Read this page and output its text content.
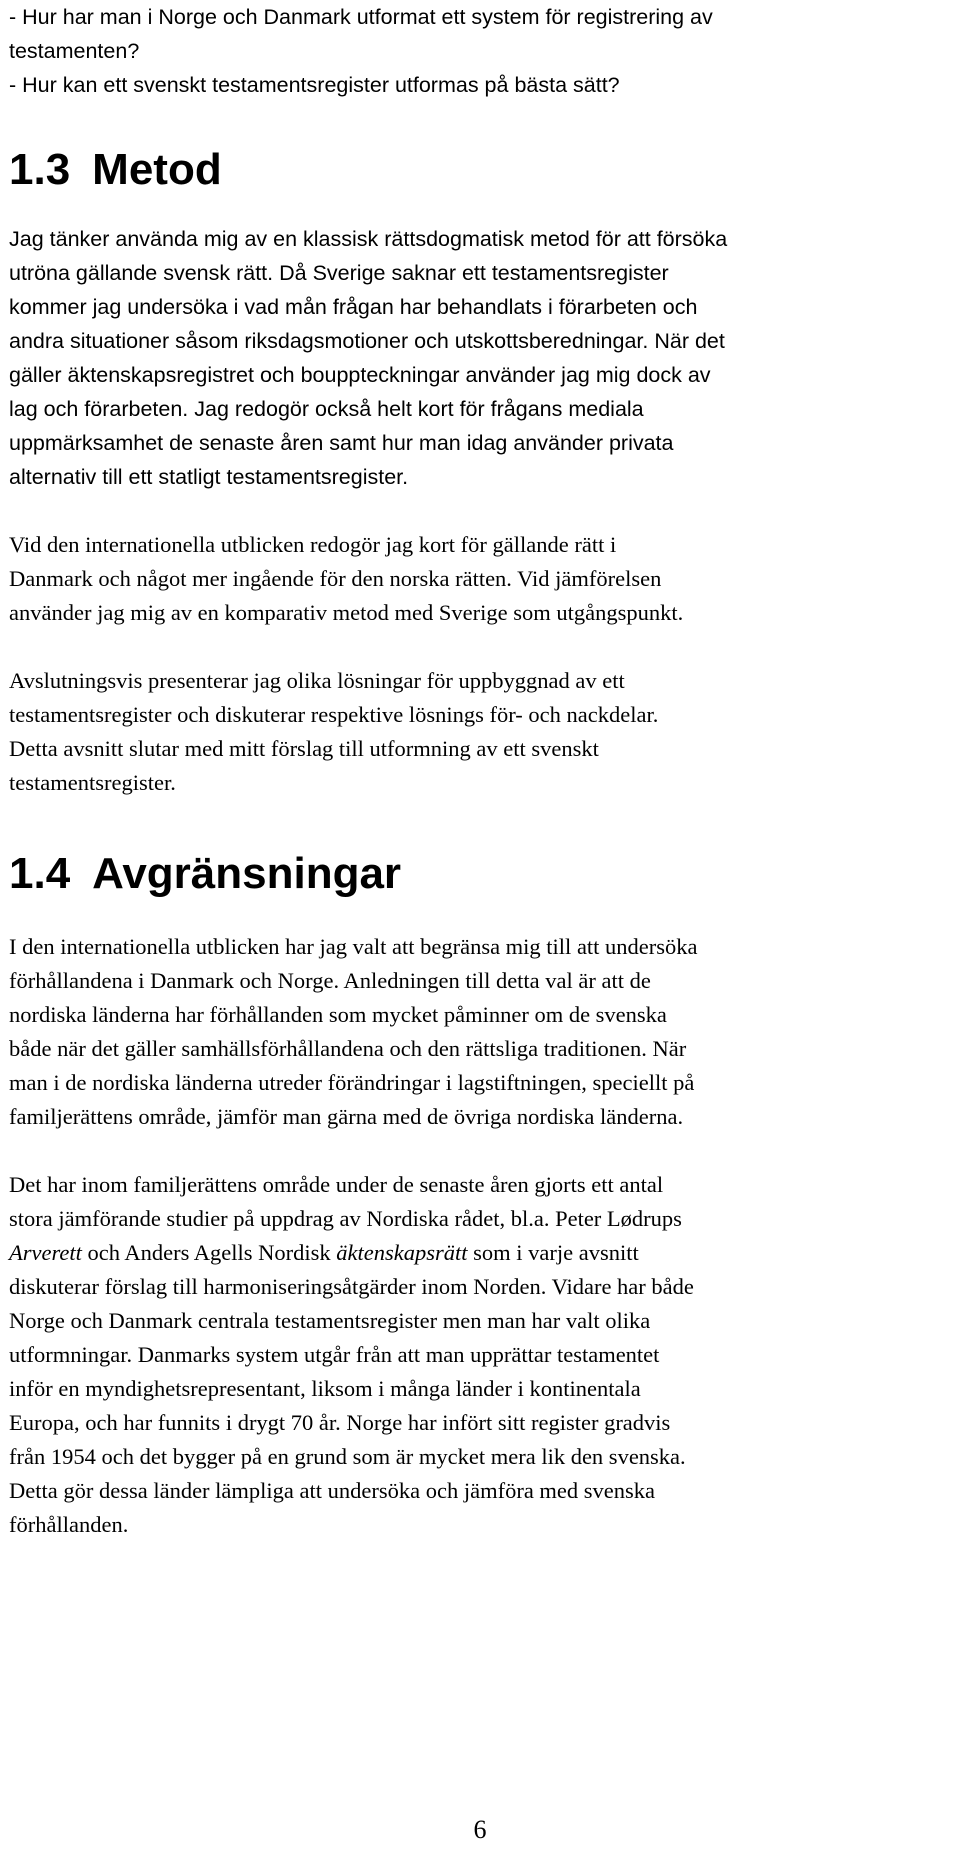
- Hur har man i Norge och Danmark utformat ett system för registrering av

testamenten?

- Hur kan ett svenskt testamentsregister utformas på bästa sätt?

1.3 Metod

Jag tänker använda mig av en klassisk rättsdogmatisk metod för att försöka

utröna gällande svensk rätt. Då Sverige saknar ett testamentsregister

kommer jag undersöka i vad mån frågan har behandlats i förarbeten och

andra situationer såsom riksdagsmotioner och utskottsberedningar. När det

gäller äktenskapsregistret och bouppteckningar använder jag mig dock av

lag och förarbeten. Jag redogör också helt kort för frågans mediala

uppmärksamhet de senaste åren samt hur man idag använder privata

alternativ till ett statligt testamentsregister.

Vid den internationella utblicken redogör jag kort för gällande rätt i

Danmark och något mer ingående för den norska rätten. Vid jämförelsen

använder jag mig av en komparativ metod med Sverige som utgångspunkt.

Avslutningsvis presenterar jag olika lösningar för uppbyggnad av ett

testamentsregister och diskuterar respektive lösnings för- och nackdelar.

Detta avsnitt slutar med mitt förslag till utformning av ett svenskt

testamentsregister.

1.4 Avgränsningar

I den internationella utblicken har jag valt att begränsa mig till att undersöka

förhållandena i Danmark och Norge. Anledningen till detta val är att de

nordiska länderna har förhållanden som mycket påminner om de svenska

både när det gäller samhällsförhållandena och den rättsliga traditionen. När

man i de nordiska länderna utreder förändringar i lagstiftningen, speciellt på

familjerättens område, jämför man gärna med de övriga nordiska länderna.

Det har inom familjerättens område under de senaste åren gjorts ett antal

stora jämförande studier på uppdrag av Nordiska rådet, bl.a. Peter Lødrups

Arverett och Anders Agells Nordisk äktenskapsrätt som i varje avsnitt

diskuterar förslag till harmoniseringsåtgärder inom Norden. Vidare har både

Norge och Danmark centrala testamentsregister men man har valt olika

utformningar. Danmarks system utgår från att man upprättar testamentet

inför en myndighetsrepresentant, liksom i många länder i kontinentala

Europa, och har funnits i drygt 70 år. Norge har infört sitt register gradvis

från 1954 och det bygger på en grund som är mycket mera lik den svenska.

Detta gör dessa länder lämpliga att undersöka och jämföra med svenska

förhållanden.

6
